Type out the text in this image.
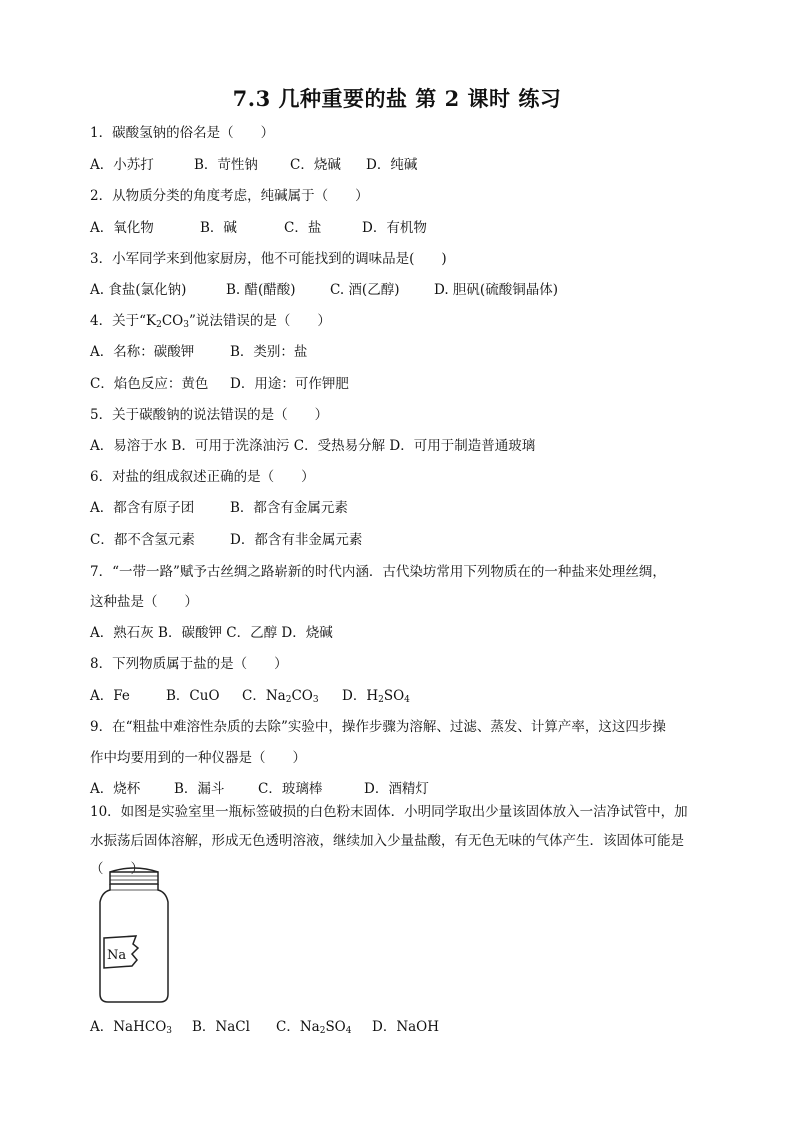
7.3 几种重要的盐 第 2 课时 练习
1．碳酸氢钠的俗名是（　　）
A．小苏打	B．苛性钠 C．烧碱 D．纯碱
2．从物质分类的角度考虑，纯碱属于（　　）
A．氧化物	B．碱	C．盐	D．有机物
3．小军同学来到他家厨房，他不可能找到的调味品是(　　)
A. 食盐(氯化钠)	B. 醋(醋酸)	C. 酒(乙醇)	D. 胆矾(硫酸铜晶体)
4．关于“$K_2CO_3$”说法错误的是（　　）
A．名称：碳酸钾	B．类别：盐
C．焰色反应：黄色 D．用途：可作钾肥
5．关于碳酸钠的说法错误的是（　　）
A．易溶于水 B．可用于洗涤油污 C．受热易分解 D．可用于制造普通玻璃
6．对盐的组成叙述正确的是（　　）
A．都含有原子团	B．都含有金属元素
C．都不含氢元素	D．都含有非金属元素
7．“一带一路”赋予古丝绸之路崭新的时代内涵．古代染坊常用下列物质在的一种盐来处理丝绸，
这种盐是（　　）
A．熟石灰 B．碳酸钾 C．乙醇 D．烧碱
8．下列物质属于盐的是（　　）
A．Fe	B．CuO C．$Na_2CO_3$ D．$H_2SO_4$
9．在“粗盐中难溶性杂质的去除”实验中，操作步骤为溶解、过滤、蒸发、计算产率，这这四步操
作中均要用到的一种仪器是（　　）
A．烧杯	B．漏斗 C．玻璃棒	D．酒精灯
10．如图是实验室里一瓶标签破损的白色粉末固体．小明同学取出少量该固体放入一洁净试管中，加
水振荡后固体溶解，形成无色透明溶液，继续加入少量盐酸，有无色无味的气体产生．该固体可能是
（　　）
Na
A．NaHCO$_3$ B．NaCl C．$Na_2SO_4$ D．NaOH
